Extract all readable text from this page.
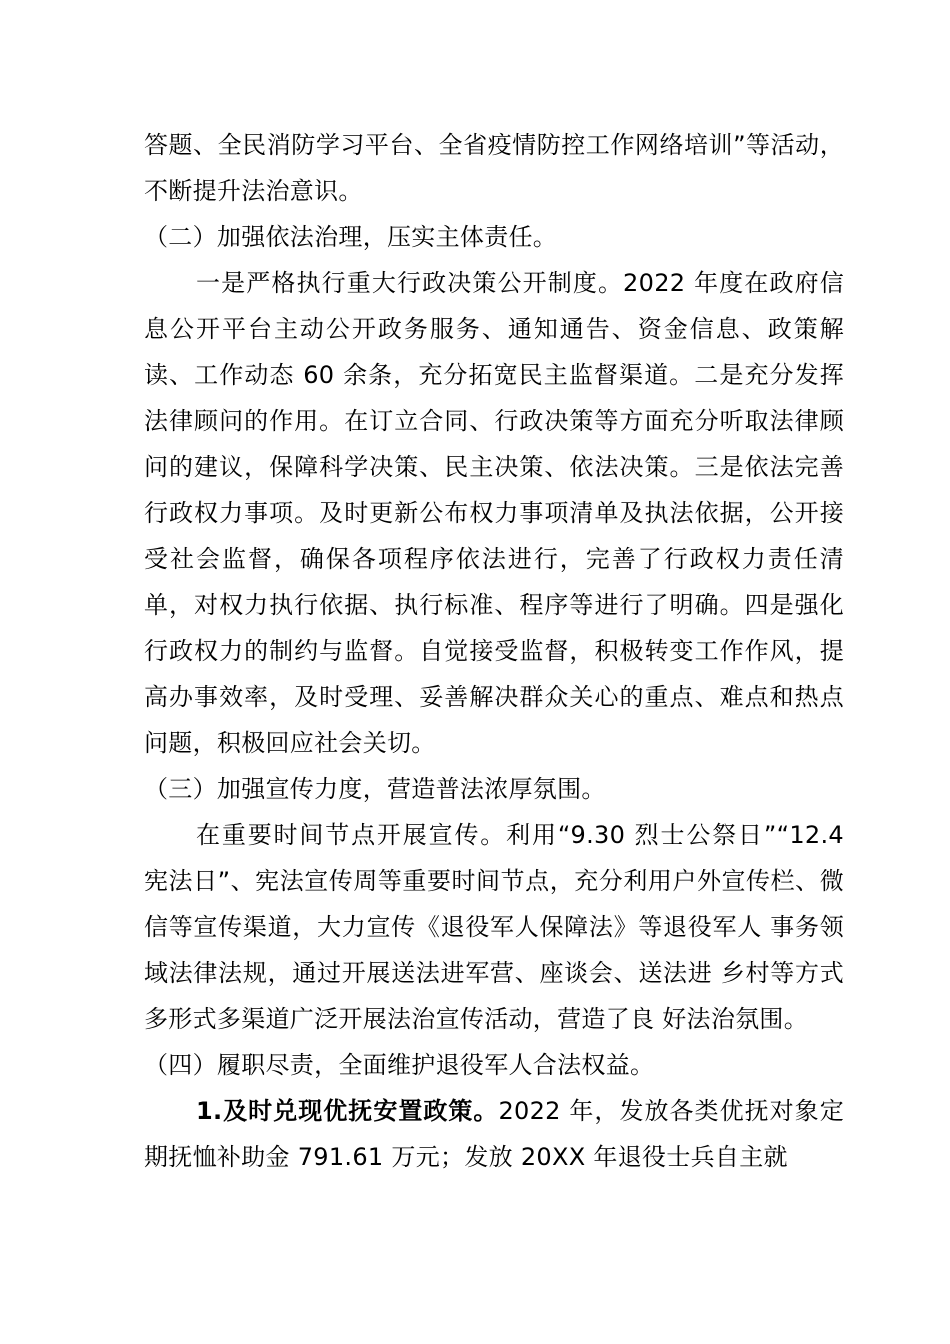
答题、全民消防学习平台、全省疫情防控工作网络培训”等活动，不断提升法治意识。

（二）加强依法治理，压实主体责任。

一是严格执行重大行政决策公开制度。2022 年度在政府信息公开平台主动公开政务服务、通知通告、资金信息、政策解读、工作动态 60 余条，充分拓宽民主监督渠道。二是充分发挥法律顾问的作用。在订立合同、行政决策等方面充分听取法律顾问的建议，保障科学决策、民主决策、依法决策。三是依法完善行政权力事项。及时更新公布权力事项清单及执法依据，公开接受社会监督，确保各项程序依法进行，完善了行政权力责任清单，对权力执行依据、执行标准、程序等进行了明确。四是强化行政权力的制约与监督。自觉接受监督，积极转变工作作风，提高办事效率，及时受理、妥善解决群众关心的重点、难点和热点问题，积极回应社会关切。

（三）加强宣传力度，营造普法浓厚氛围。

在重要时间节点开展宣传。利用“9.30 烈士公祭日”“12.4 宪法日”、宪法宣传周等重要时间节点，充分利用户外宣传栏、微信等宣传渠道，大力宣传《退役军人保障法》等退役军人 事务领域法律法规，通过开展送法进军营、座谈会、送法进 乡村等方式多形式多渠道广泛开展法治宣传活动，营造了良 好法治氛围。

（四）履职尽责，全面维护退役军人合法权益。

1.及时兑现优抚安置政策。2022 年，发放各类优抚对象定期抚恤补助金 791.61 万元；发放 20XX 年退役士兵自主就
